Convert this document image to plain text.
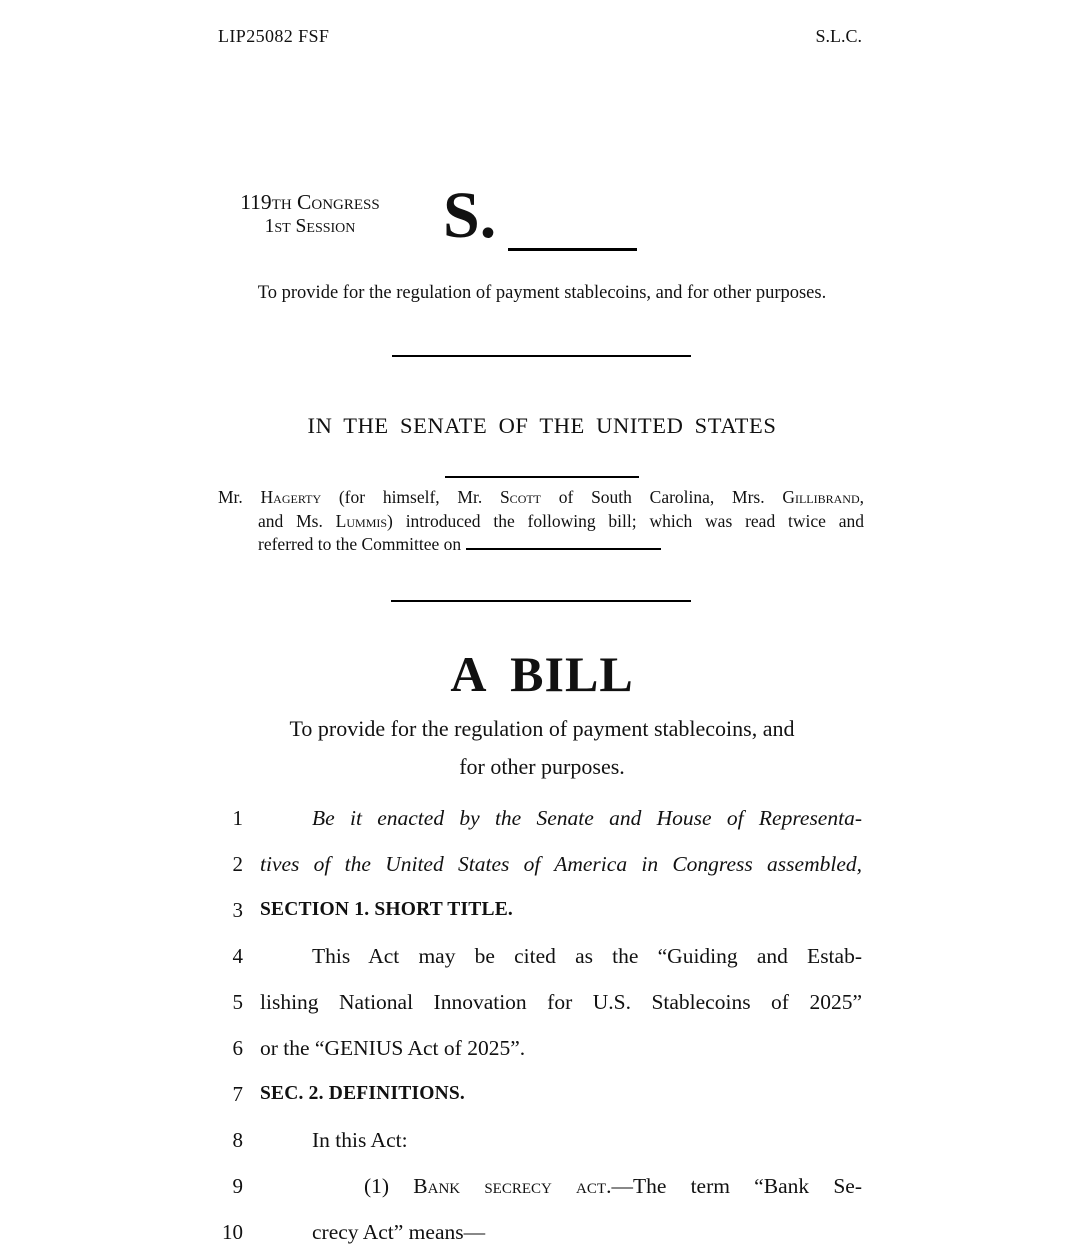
LIP25082 FSF	S.L.C.
119th Congress
1st Session	S.
To provide for the regulation of payment stablecoins, and for other purposes.
IN THE SENATE OF THE UNITED STATES
Mr. Hagerty (for himself, Mr. Scott of South Carolina, Mrs. Gillibrand,
and Ms. Lummis) introduced the following bill; which was read twice and
referred to the Committee on
A BILL
To provide for the regulation of payment stablecoins, and
for other purposes.
1	Be it enacted by the Senate and House of Representa-
2 tives of the United States of America in Congress assembled,
3 SECTION 1. SHORT TITLE.
4	This Act may be cited as the “Guiding and Estab-
5 lishing National Innovation for U.S. Stablecoins of 2025”
6 or the “GENIUS Act of 2025”.
7 SEC. 2. DEFINITIONS.
8	In this Act:
9	(1) Bank secrecy act.—The term “Bank Se-
10	crecy Act” means—
